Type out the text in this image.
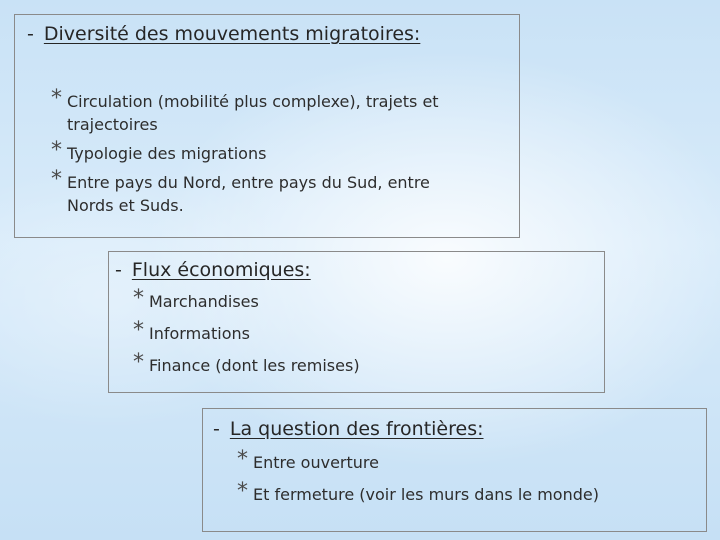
- Diversité des mouvements migratoires:
* Circulation (mobilité plus complexe), trajets et trajectoires
* Typologie des migrations
* Entre pays du Nord, entre pays du Sud, entre Nords et Suds.
- Flux économiques:
* Marchandises
* Informations
* Finance (dont les remises)
- La question des frontières:
* Entre ouverture
* Et fermeture (voir les murs dans le monde)
